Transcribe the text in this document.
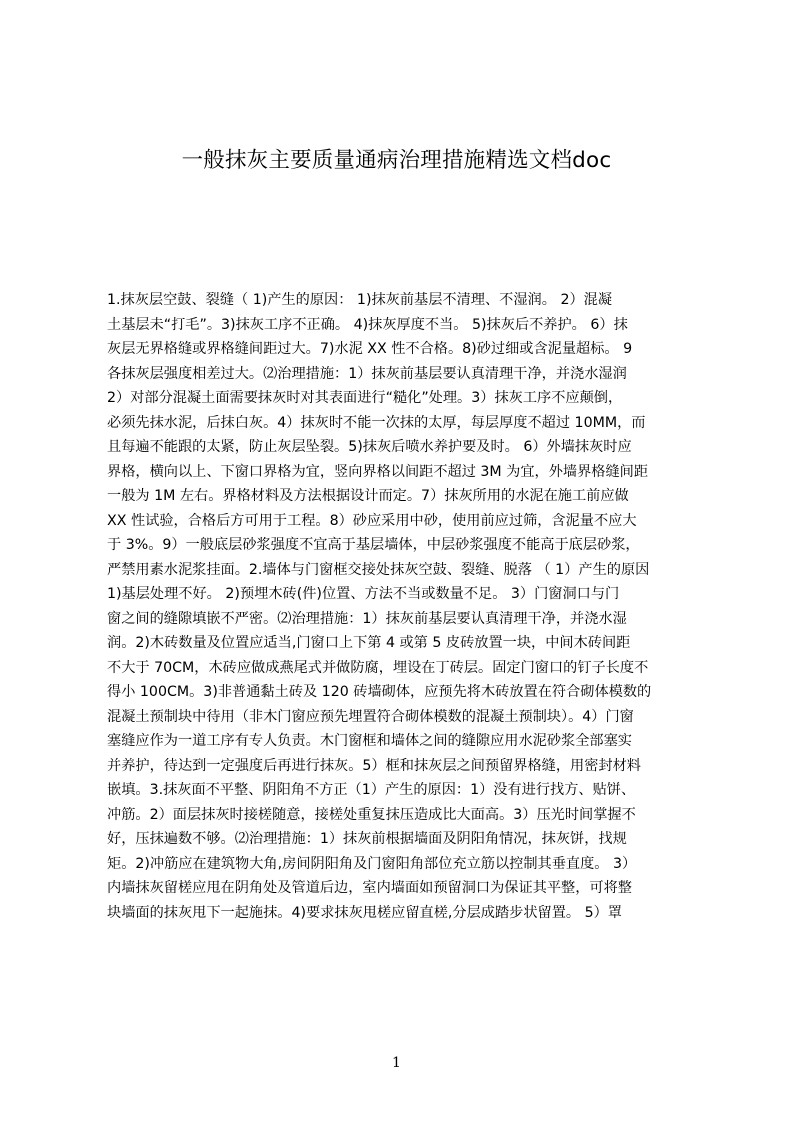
一般抹灰主要质量通病治理措施精选文档doc
1.抹灰层空鼓、裂缝（ 1)产生的原因： 1)抹灰前基层不清理、不湿润。 2）混凝
土基层未“打毛”。3)抹灰工序不正确。 4)抹灰厚度不当。 5)抹灰后不养护。 6）抹
灰层无界格缝或界格缝间距过大。7)水泥 XX 性不合格。8)砂过细或含泥量超标。 9
各抹灰层强度相差过大。⑵治理措施：1）抹灰前基层要认真清理干净，并浇水湿润
2）对部分混凝土面需要抹灰时对其表面进行“糙化”处理。3）抹灰工序不应颠倒，
必须先抹水泥，后抹白灰。4）抹灰时不能一次抹的太厚，每层厚度不超过 10MM，而
且每遍不能跟的太紧，防止灰层坠裂。5)抹灰后喷水养护要及时。 6）外墙抹灰时应
界格，横向以上、下窗口界格为宜，竖向界格以间距不超过 3M 为宜，外墙界格缝间距
一般为 1M 左右。界格材料及方法根据设计而定。7）抹灰所用的水泥在施工前应做
XX 性试验，合格后方可用于工程。8）砂应采用中砂，使用前应过筛，含泥量不应大
于 3%。9）一般底层砂浆强度不宜高于基层墙体，中层砂浆强度不能高于底层砂浆，
严禁用素水泥浆挂面。2.墙体与门窗框交接处抹灰空鼓、裂缝、脱落 （ 1）产生的原因
1)基层处理不好。 2)预埋木砖(件)位置、方法不当或数量不足。 3）门窗洞口与门
窗之间的缝隙填嵌不严密。⑵治理措施：1）抹灰前基层要认真清理干净，并浇水湿
润。2)木砖数量及位置应适当,门窗口上下第 4 或第 5 皮砖放置一块，中间木砖间距
不大于 70CM，木砖应做成燕尾式并做防腐，埋设在丁砖层。固定门窗口的钉子长度不
得小 100CM。3)非普通黏土砖及 120 砖墙砌体，应预先将木砖放置在符合砌体模数的
混凝土预制块中待用（非木门窗应预先埋置符合砌体模数的混凝土预制块）。4）门窗
塞缝应作为一道工序有专人负责。木门窗框和墙体之间的缝隙应用水泥砂浆全部塞实
并养护，待达到一定强度后再进行抹灰。5）框和抹灰层之间预留界格缝，用密封材料
嵌填。3.抹灰面不平整、阴阳角不方正（1）产生的原因：1）没有进行找方、贴饼、
冲筋。2）面层抹灰时接槎随意，接槎处重复抹压造成比大面高。3）压光时间掌握不
好，压抹遍数不够。⑵治理措施：1）抹灰前根据墙面及阴阳角情况，抹灰饼，找规
矩。2)冲筋应在建筑物大角,房间阴阳角及门窗阳角部位充立筋以控制其垂直度。 3）
内墙抹灰留槎应甩在阴角处及管道后边，室内墙面如预留洞口为保证其平整，可将整
块墙面的抹灰甩下一起施抹。4)要求抹灰甩槎应留直槎,分层成踏步状留置。 5）罩
1
